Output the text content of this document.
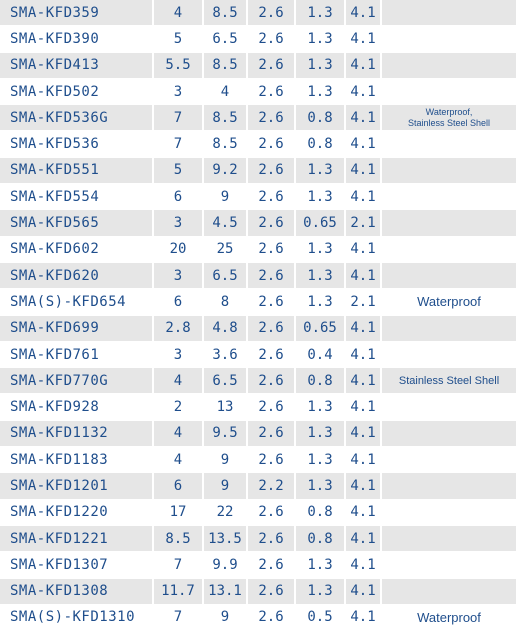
SMA-KFD359	4	8.5	2.6	1.3	4.1	
SMA-KFD390	5	6.5	2.6	1.3	4.1	
SMA-KFD413	5.5	8.5	2.6	1.3	4.1	
SMA-KFD502	3	4	2.6	1.3	4.1	
SMA-KFD536G	7	8.5	2.6	0.8	4.1	Waterproof,
Stainless Steel Shell
SMA-KFD536	7	8.5	2.6	0.8	4.1	
SMA-KFD551	5	9.2	2.6	1.3	4.1	
SMA-KFD554	6	9	2.6	1.3	4.1	
SMA-KFD565	3	4.5	2.6	0.65	2.1	
SMA-KFD602	20	25	2.6	1.3	4.1	
SMA-KFD620	3	6.5	2.6	1.3	4.1	
SMA(S)-KFD654	6	8	2.6	1.3	2.1	Waterproof
SMA-KFD699	2.8	4.8	2.6	0.65	4.1	
SMA-KFD761	3	3.6	2.6	0.4	4.1	
SMA-KFD770G	4	6.5	2.6	0.8	4.1	Stainless Steel Shell
SMA-KFD928	2	13	2.6	1.3	4.1	
SMA-KFD1132	4	9.5	2.6	1.3	4.1	
SMA-KFD1183	4	9	2.6	1.3	4.1	
SMA-KFD1201	6	9	2.2	1.3	4.1	
SMA-KFD1220	17	22	2.6	0.8	4.1	
SMA-KFD1221	8.5	13.5	2.6	0.8	4.1	
SMA-KFD1307	7	9.9	2.6	1.3	4.1	
SMA-KFD1308	11.7	13.1	2.6	1.3	4.1	
SMA(S)-KFD1310	7	9	2.6	0.5	4.1	Waterproof
